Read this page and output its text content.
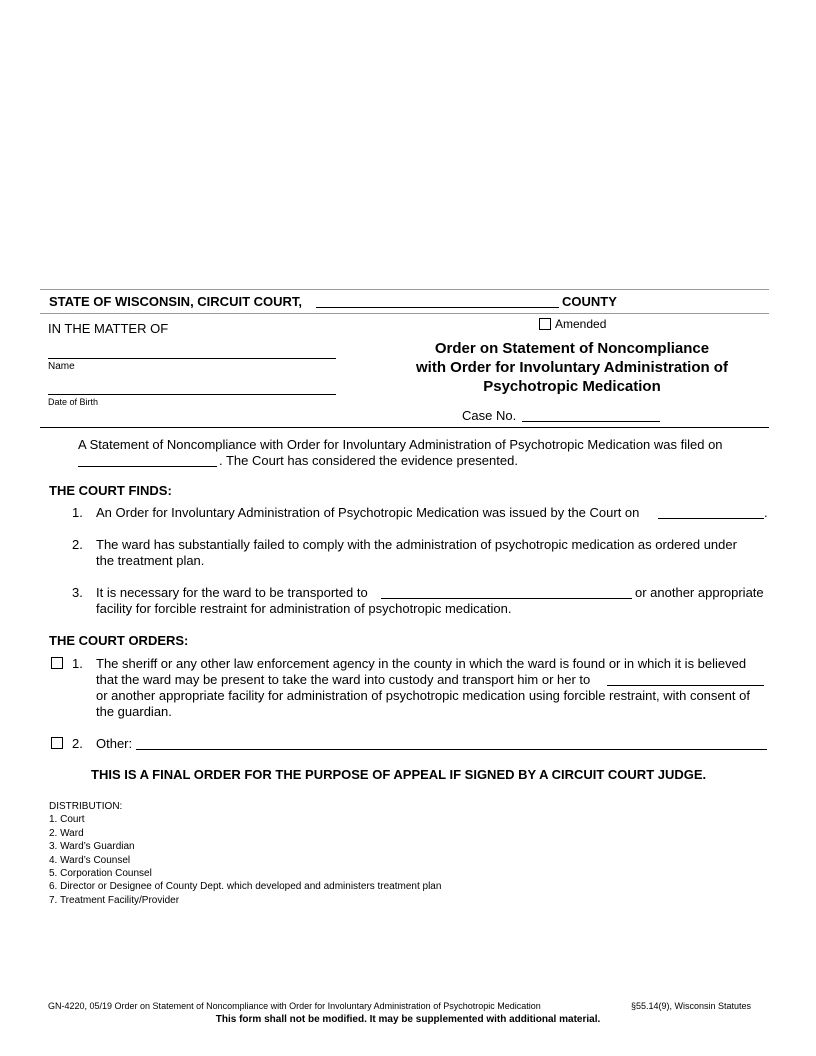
STATE OF WISCONSIN, CIRCUIT COURT,	COUNTY
IN THE MATTER OF	Amended
Name
Date of Birth
Order on Statement of Noncompliance
with Order for Involuntary Administration of
Psychotropic Medication
Case No.
A Statement of Noncompliance with Order for Involuntary Administration of Psychotropic Medication was filed on
. The Court has considered the evidence presented.
THE COURT FINDS:
1. An Order for Involuntary Administration of Psychotropic Medication was issued by the Court on	.
2. The ward has substantially failed to comply with the administration of psychotropic medication as ordered under
the treatment plan.
3. It is necessary for the ward to be transported to	or another appropriate
facility for forcible restraint for administration of psychotropic medication.
THE COURT ORDERS:
1. The sheriff or any other law enforcement agency in the county in which the ward is found or in which it is believed
that the ward may be present to take the ward into custody and transport him or her to
or another appropriate facility for administration of psychotropic medication using forcible restraint, with consent of
the guardian.
2. Other:
THIS IS A FINAL ORDER FOR THE PURPOSE OF APPEAL IF SIGNED BY A CIRCUIT COURT JUDGE.
DISTRIBUTION:
1. Court
2. Ward
3. Ward’s Guardian
4. Ward’s Counsel
5. Corporation Counsel
6. Director or Designee of County Dept. which developed and administers treatment plan
7. Treatment Facility/Provider
GN-4220, 05/19 Order on Statement of Noncompliance with Order for Involuntary Administration of Psychotropic Medication	§55.14(9), Wisconsin Statutes
This form shall not be modified. It may be supplemented with additional material.
